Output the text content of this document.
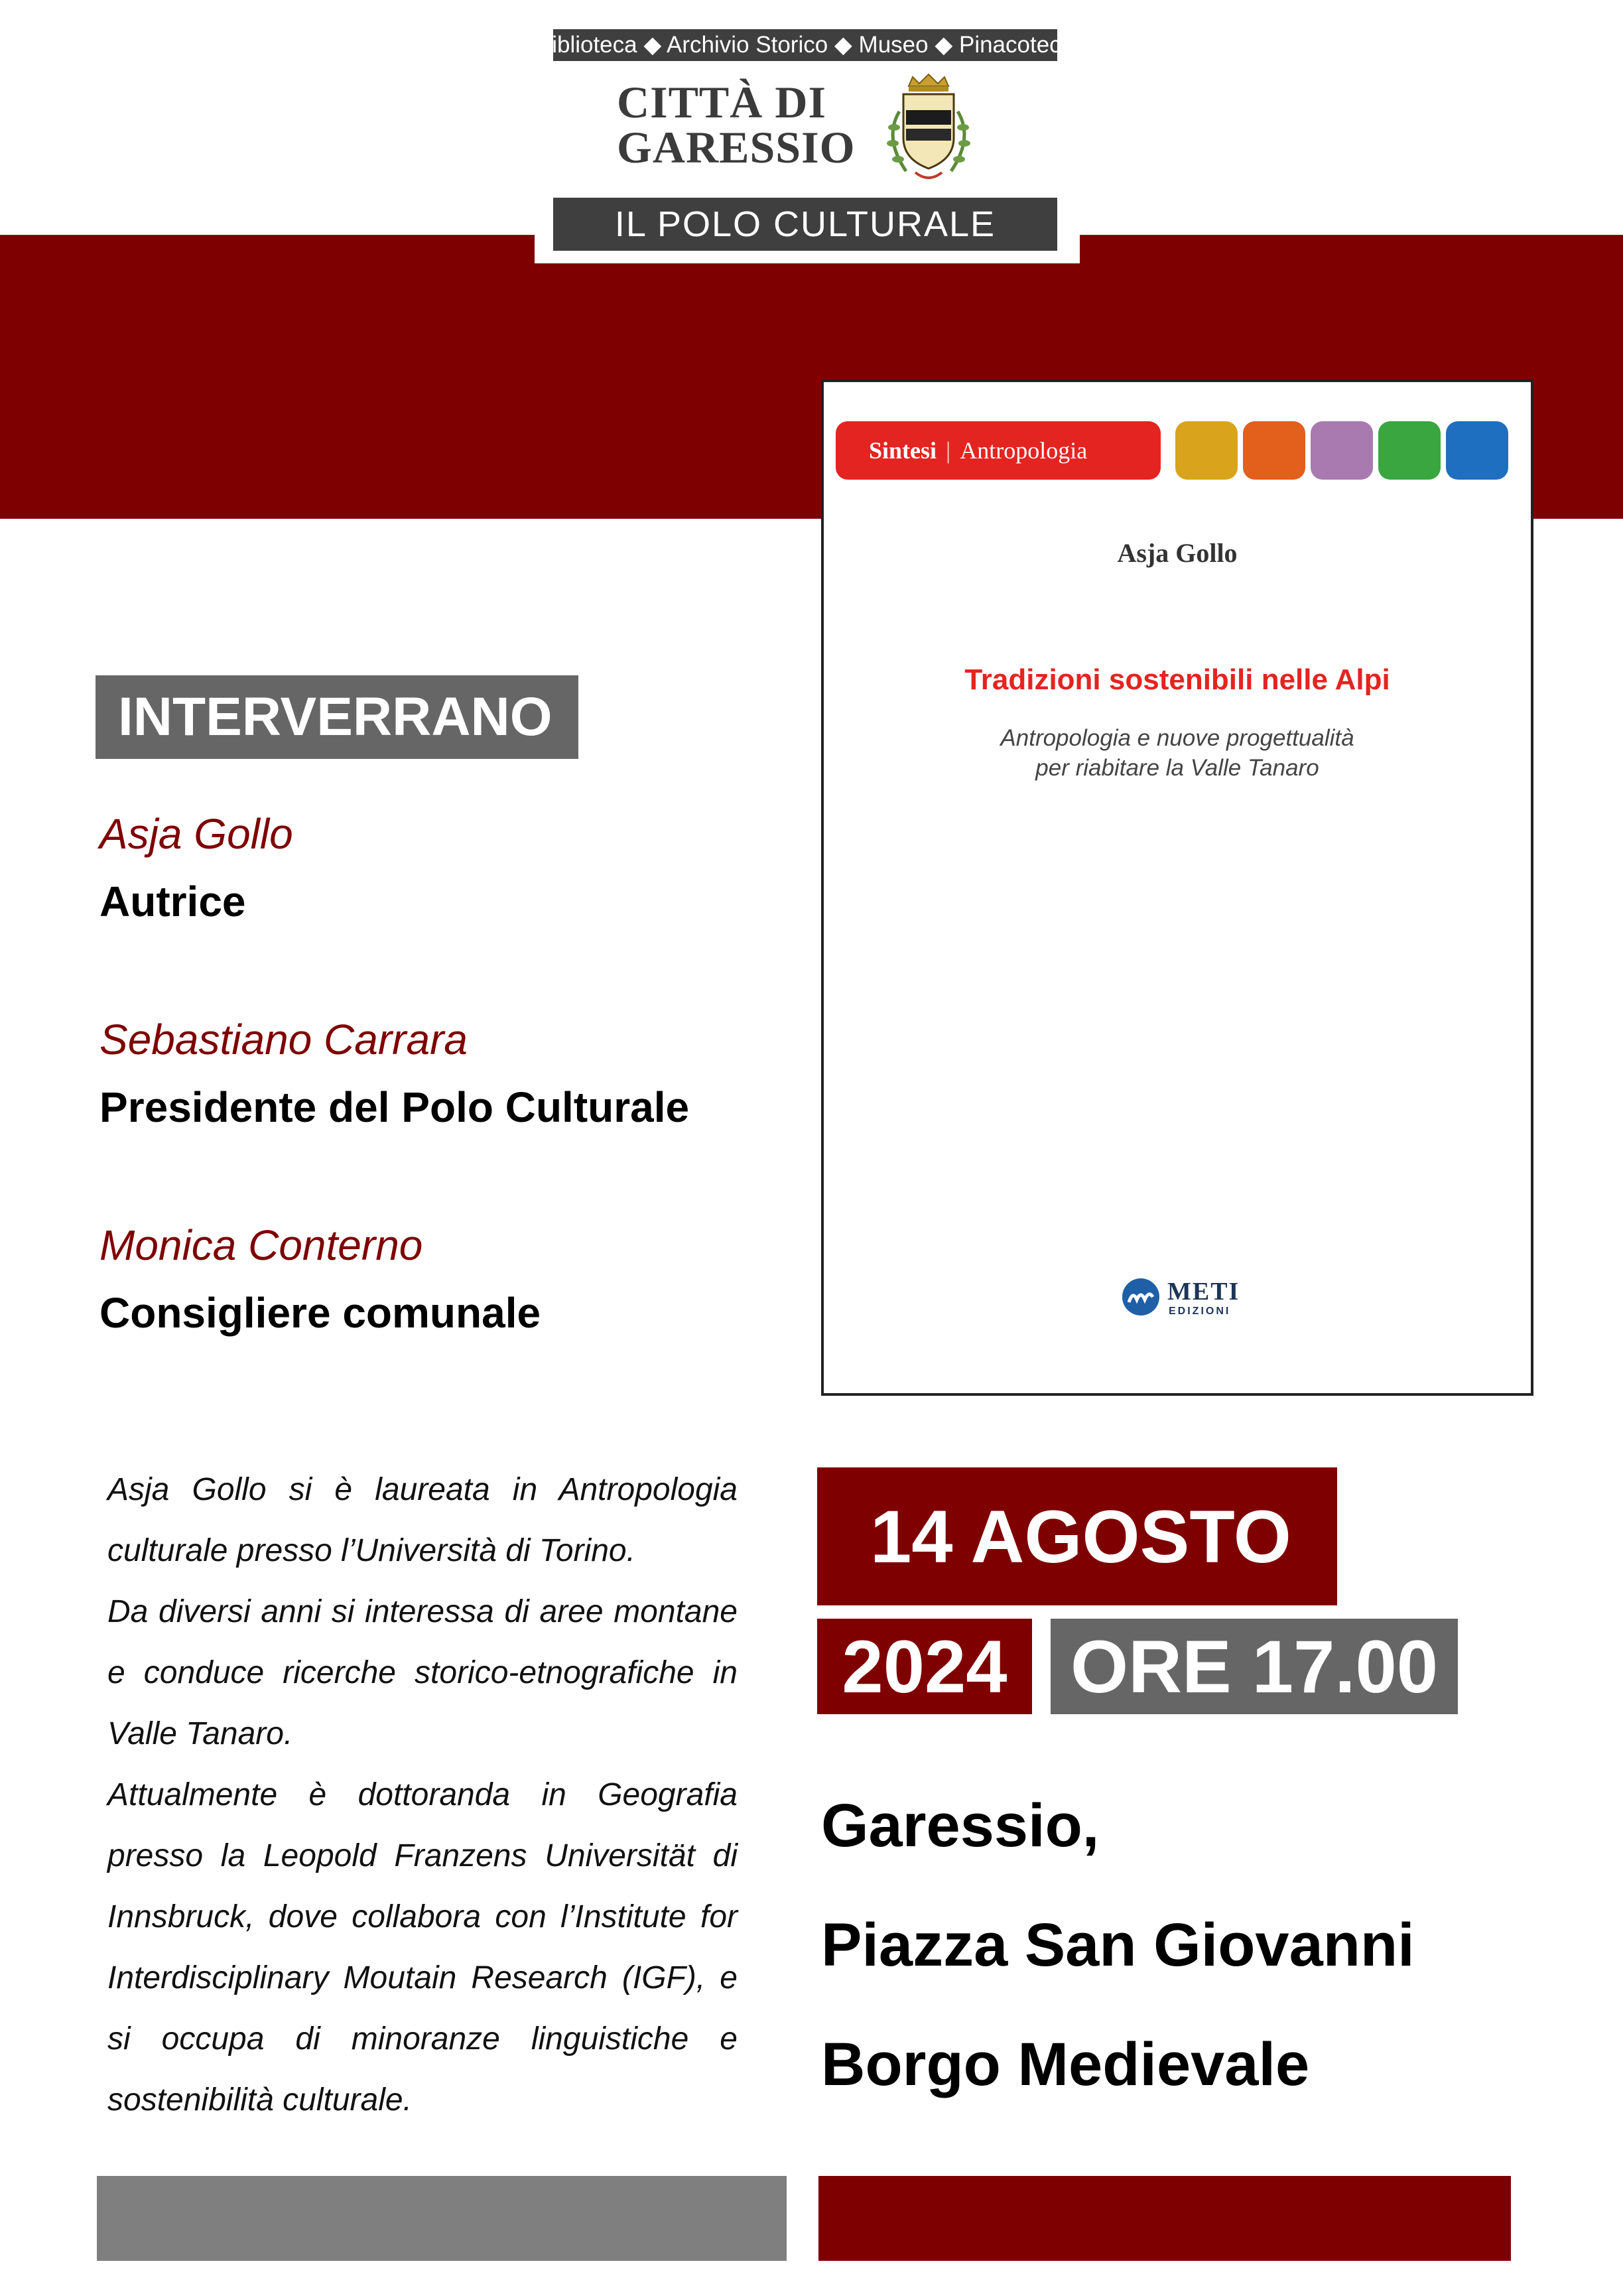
Biblioteca ◆ Archivio Storico ◆ Museo ◆ Pinacoteca
CITTÀ DI
GARESSIO
IL POLO CULTURALE
Sintesi | Antropologia
Asja Gollo
Tradizioni sostenibili nelle Alpi
Antropologia e nuove progettualità
per riabitare la Valle Tanaro
METI
EDIZIONI
INTERVERRANO
Asja Gollo
Autrice
Sebastiano Carrara
Presidente del Polo Culturale
Monica Conterno
Consigliere comunale

Asja Gollo si è laureata in Antropologia culturale presso l’Università di Torino.

Da diversi anni si interessa di aree montane e conduce ricerche storico-etnografiche in Valle Tanaro.

Attualmente è dottoranda in Geografia presso la Leopold Franzens Universität di Innsbruck, dove collabora con l’Institute for Interdisciplinary Moutain Research (IGF), e si occupa di minoranze linguistiche e sostenibilità culturale.

14 AGOSTO
2024 ORE 17.00
Garessio,
Piazza San Giovanni
Borgo Medievale
